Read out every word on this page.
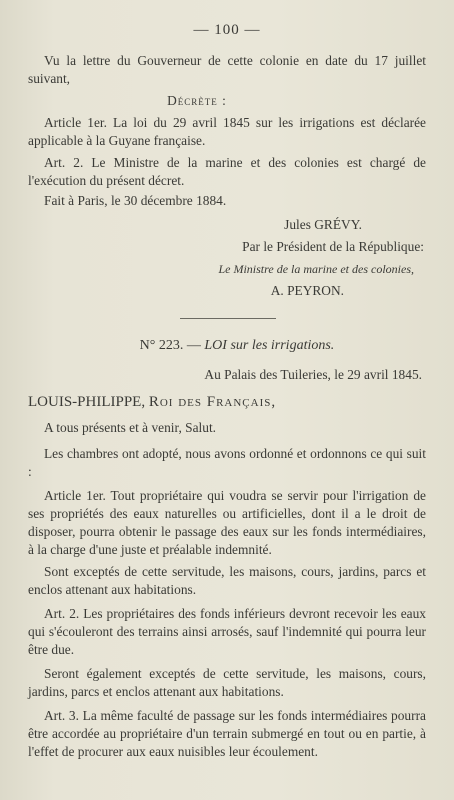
— 100 —

Vu la lettre du Gouverneur de cette colonie en date du 17 juillet suivant,

Décrète :

Article 1er. La loi du 29 avril 1845 sur les irrigations est déclarée applicable à la Guyane française.

Art. 2. Le Ministre de la marine et des colonies est chargé de l'exécution du présent décret.

Fait à Paris, le 30 décembre 1884.

Jules GRÉVY.

Par le Président de la République:

Le Ministre de la marine et des colonies,

A. PEYRON.

N° 223. — LOI sur les irrigations.

Au Palais des Tuileries, le 29 avril 1845.

LOUIS-PHILIPPE, Roi des Français,

A tous présents et à venir, Salut.

Les chambres ont adopté, nous avons ordonné et ordonnons ce qui suit :

Article 1er. Tout propriétaire qui voudra se servir pour l'irrigation de ses propriétés des eaux naturelles ou artificielles, dont il a le droit de disposer, pourra obtenir le passage des eaux sur les fonds intermédiaires, à la charge d'une juste et préalable indemnité.

Sont exceptés de cette servitude, les maisons, cours, jardins, parcs et enclos attenant aux habitations.

Art. 2. Les propriétaires des fonds inférieurs devront recevoir les eaux qui s'écouleront des terrains ainsi arrosés, sauf l'indemnité qui pourra leur être due.

Seront également exceptés de cette servitude, les maisons, cours, jardins, parcs et enclos attenant aux habitations.

Art. 3. La même faculté de passage sur les fonds intermédiaires pourra être accordée au propriétaire d'un terrain submergé en tout ou en partie, à l'effet de procurer aux eaux nuisibles leur écoulement.
